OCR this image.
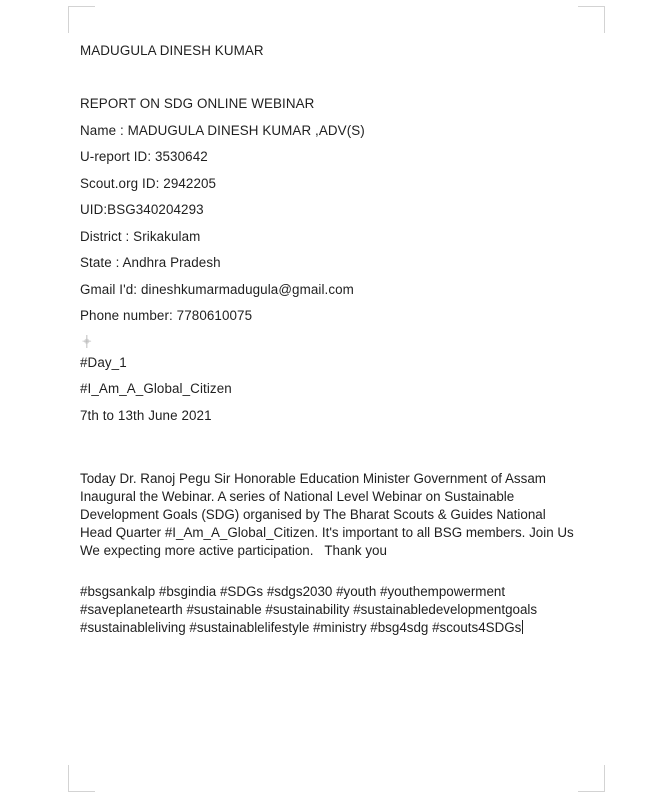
MADUGULA DINESH KUMAR
REPORT ON SDG ONLINE WEBINAR
Name : MADUGULA DINESH KUMAR ,ADV(S)
U-report ID: 3530642
Scout.org ID: 2942205
UID:BSG340204293
District : Srikakulam
State : Andhra Pradesh
Gmail I'd: dineshkumarmadugula@gmail.com
Phone number: 7780610075
#Day_1
#I_Am_A_Global_Citizen
7th to 13th June 2021
Today Dr. Ranoj Pegu Sir Honorable Education Minister Government of Assam Inaugural the Webinar. A series of National Level Webinar on Sustainable Development Goals (SDG) organised by The Bharat Scouts & Guides National Head Quarter #I_Am_A_Global_Citizen. It's important to all BSG members. Join Us We expecting more active participation.   Thank you
#bsgsankalp #bsgindia #SDGs #sdgs2030 #youth #youthempowerment #saveplanetearth #sustainable #sustainability #sustainabledevelopmentgoals #sustainableliving #sustainablelifestyle #ministry #bsg4sdg #scouts4SDGs
